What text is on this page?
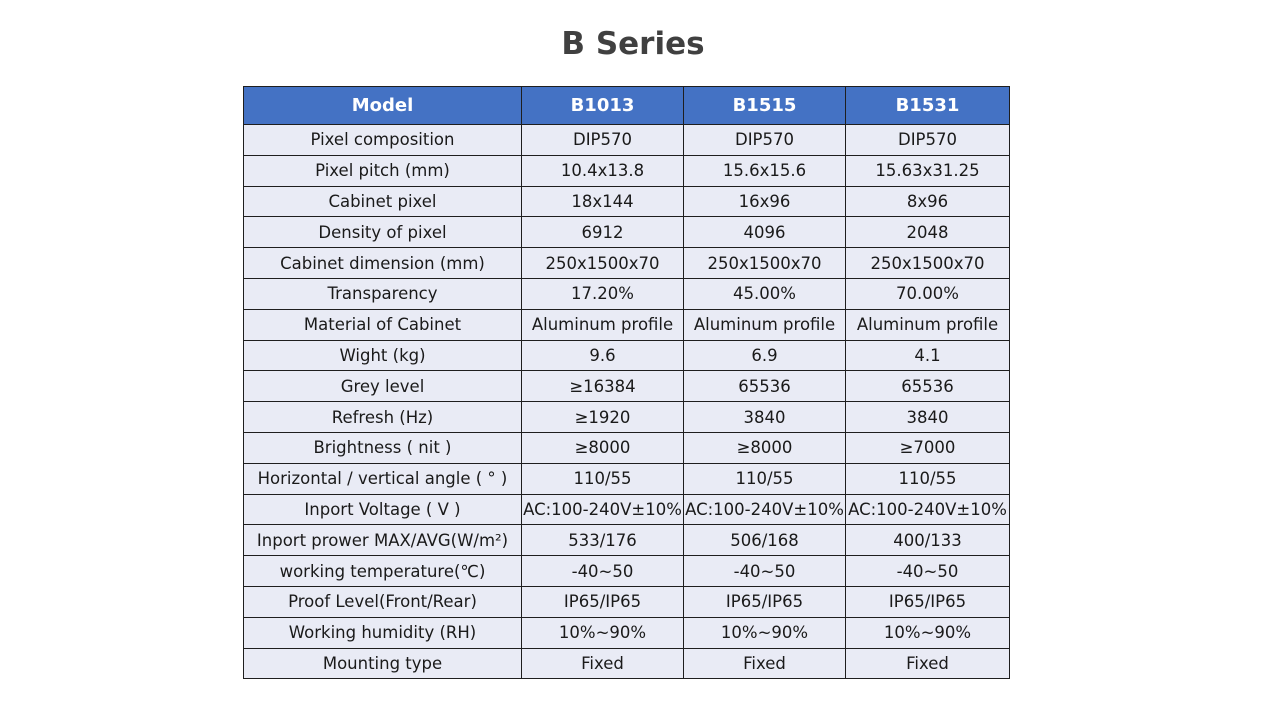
B Series
Model	B1013	B1515	B1531
Pixel composition	DIP570	DIP570	DIP570
Pixel pitch (mm)	10.4x13.8	15.6x15.6	15.63x31.25
Cabinet pixel	18x144	16x96	8x96
Density of pixel	6912	4096	2048
Cabinet dimension (mm)	250x1500x70	250x1500x70	250x1500x70
Transparency	17.20%	45.00%	70.00%
Material of Cabinet	Aluminum profile	Aluminum profile	Aluminum profile
Wight (kg)	9.6	6.9	4.1
Grey level	≥16384	65536	65536
Refresh (Hz)	≥1920	3840	3840
Brightness ( nit )	≥8000	≥8000	≥7000
Horizontal / vertical angle ( ° )	110/55	110/55	110/55
Inport Voltage ( V )	AC:100-240V±10%	AC:100-240V±10%	AC:100-240V±10%
Inport prower MAX/AVG(W/m²)	533/176	506/168	400/133
working temperature(℃)	-40~50	-40~50	-40~50
Proof Level(Front/Rear)	IP65/IP65	IP65/IP65	IP65/IP65
Working humidity (RH)	10%~90%	10%~90%	10%~90%
Mounting type	Fixed	Fixed	Fixed
